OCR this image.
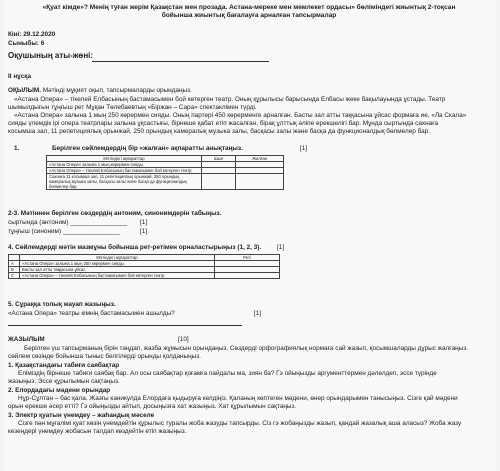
«Қуат кімде»? Менің туған жерім Қазақстан мен прозада. Астана-мереке мен мемлекет ордасы» бөліміндегі жиынтық 2-тоқсан
бойынша жиынтық бағалауға арналған тапсырмалар
Кіні: 29.12.2020
Сыныбы: 6
Оқушының аты-жөні:
II нұсқа
ОҚЫЛЫМ. Мәтінді мұқият оқып, тапсырмаларды орындаңыз.
«Астана Опера» – тікелей Елбасының бастамасымен бой көтерген театр. Оның құрылысы барысында Елбасы жеке бақылауында ұстады. Театр
шымылдығын тұңғыш рет Мұқан Төлебаевтың «Біржан – Сара» спектаклімен түрді.
«Астана Опера» залына 1 мың 250 көрермен сияды. Оның партері 450 көрерменге арналған. Басты зал атты таққасына ұйсас формаға ие, «Ла Скала»
сияды үлемдік ірі опера театрлары залына ұқсастығы, бірнеше қабат етіп жасалған, бірақ ұлттық әліпе ерекшелігі бар. Мұнда сыртында сахнаға
косымша зал, 11 репетициялық орынжай, 250 орындық камералық музыка залы, басқасы залы және басқа да функционалдық бөлмелер бар.
1.	Берілген сөйлемдердің бір «жалған» ақпаратты анықтаңыз.	[1]
Мәтіндегі ақпараттар	Шын	Жалған
«Астана Опера» залына 1 мың көрермен сияды.		
«Астана Опера» – тікелей Елбасының бастамасымен бой көтерген театр		

Сахнаға 11 косымша зал, 11 репетициялық орынжай, 250 орындық
камералық музыка залы, басқасы залы және басқа да функционалдық
бөлмелер бар.		

2-3. Мәтіннен берілген сөздердің антоним, синонимдерін табыңыз.
сыртында (антоним) ________________ [1]
тұңғыш (синоним) ________________	[1]
4. Сөйлемдерді мәтін мазмұны бойынша рет-ретімен орналастырыңыз (1, 2, 3). [1]
	Мәтіндегі ақпараттар	Реті
А	«Астана Опера» залына 1 мың 250 көрермен сияды.	
В	Басты зал атты таққасына ұйсас	
С	«Астана Опера» – тікелей Елбасының бастамасымен бой көтерген театр	
5. Сұраққа толық жауап жазыңыз.
«Астана Опера» театры кімнің бастамасымен ашылды?	[1]
ЖАЗЫЛЫМ	[10]
Берілген үш тапсырманың бірін таңдап, жазба жұмысын орындаңыз. Сөздерді орфографиялық нормаға сай жазып, қосымшаларды дұрыс жалғаңыз.
сөйлем сөзінде бойынша тыныс белгілерді орынды қолданыңыз.
1. Қазақстандағы табиғи саябақтар
Еліміздің бірнеше табиғи саябақ бар. Ал осы саябақтар қоғамға пайдалы ма, зиян ба? Гэ ойыңызды аргументтермен дәлелдеп, эссе түрінде
жазыңыз. Эссе құрылымын сақтаңыз.
2. Елордадағы мәдени орындар
Нұр-Сұлтан – бас қала. Жазғы каникулда Елордаға қыдыруға келдіңіз. Қаланың көптеген мәдени, өнер орындарымен танысыңыз. Сізге қай мәдени
орын ерекше әсер етті? Гэ ойыңызды айтып, досыңызға хат жазыңыз. Хат құрылымын сақтаңыз.
3. Электр қуатын үнемдеу – жаһандық мәселе
Сізге пән мұғалімі қуат көзін үнемдейтін құрылыс туралы жоба жазуды тапсырды. Сіз гэ жобаңызды жазып, қандай жазалық аша аласыз? Жоба жазу
кезеңдері үнемдеу жобасын талдап көздейтін етіп жазыңыз.
